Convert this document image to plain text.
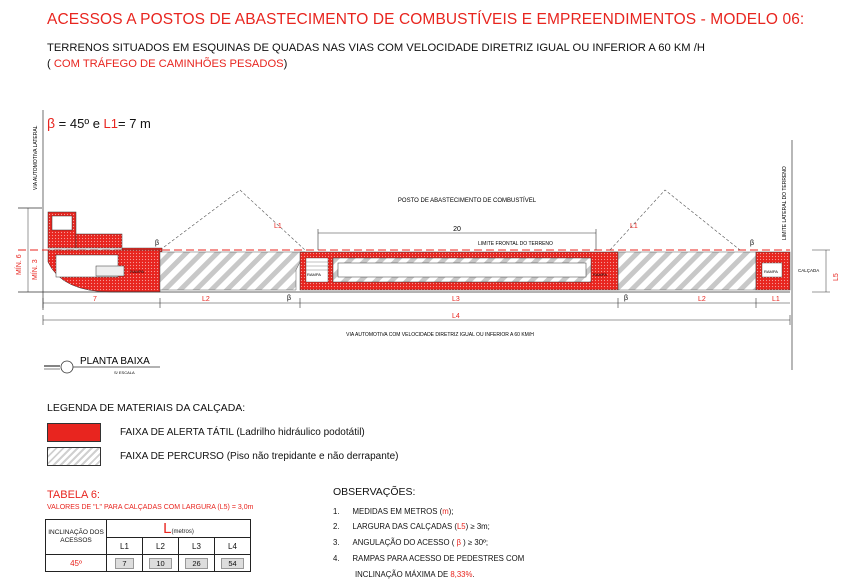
ACESSOS A POSTOS DE ABASTECIMENTO DE COMBUSTÍVEIS E EMPREENDIMENTOS - MODELO 06:
TERRENOS SITUADOS EM ESQUINAS DE QUADAS NAS VIAS COM VELOCIDADE DIRETRIZ IGUAL OU INFERIOR A 60 KM /H
( COM TRÁFEGO DE CAMINHÕES PESADOS)
β = 45º e L1= 7 m
VIA AUTOMOTIVA LATERAL
LIMITE LATERAL DO TERRENO
POSTO DE ABASTECIMENTO DE COMBUSTÍVEL
L1	L1
20
LIMITE FRONTAL DO TERRENO
RAMPA
RAMPA	RAMPA
RAMPA	CALÇADA
β
β	β
β
MÍN. 6 MÍN. 3	L5
7	L2	L3	L2	L1
L4
VIA AUTOMOTIVA COM VELOCIDADE DIRETRIZ IGUAL OU INFERIOR A 60 KM/H
PLANTA BAIXA
S/ ESCALA
LEGENDA DE MATERIAIS DA CALÇADA:
FAIXA DE ALERTA TÁTIL (Ladrilho hidráulico podotátil)
FAIXA DE PERCURSO (Piso não trepidante e não derrapante)
TABELA 6:
VALORES DE "L" PARA CALÇADAS COM LARGURA (L5) = 3,0m
INCLINAÇÃO DOS ACESSOS	L(metros)			
	L1	L2	L3	L4
45º	7	10	26	54
OBSERVAÇÕES:
1. MEDIDAS EM METROS (m);
2. LARGURA DAS CALÇADAS (L5) ≥ 3m;
3. ANGULAÇÃO DO ACESSO ( β ) ≥ 30º;
4. RAMPAS PARA ACESSO DE PEDESTRES COM
INCLINAÇÃO MÁXIMA DE 8,33%.
